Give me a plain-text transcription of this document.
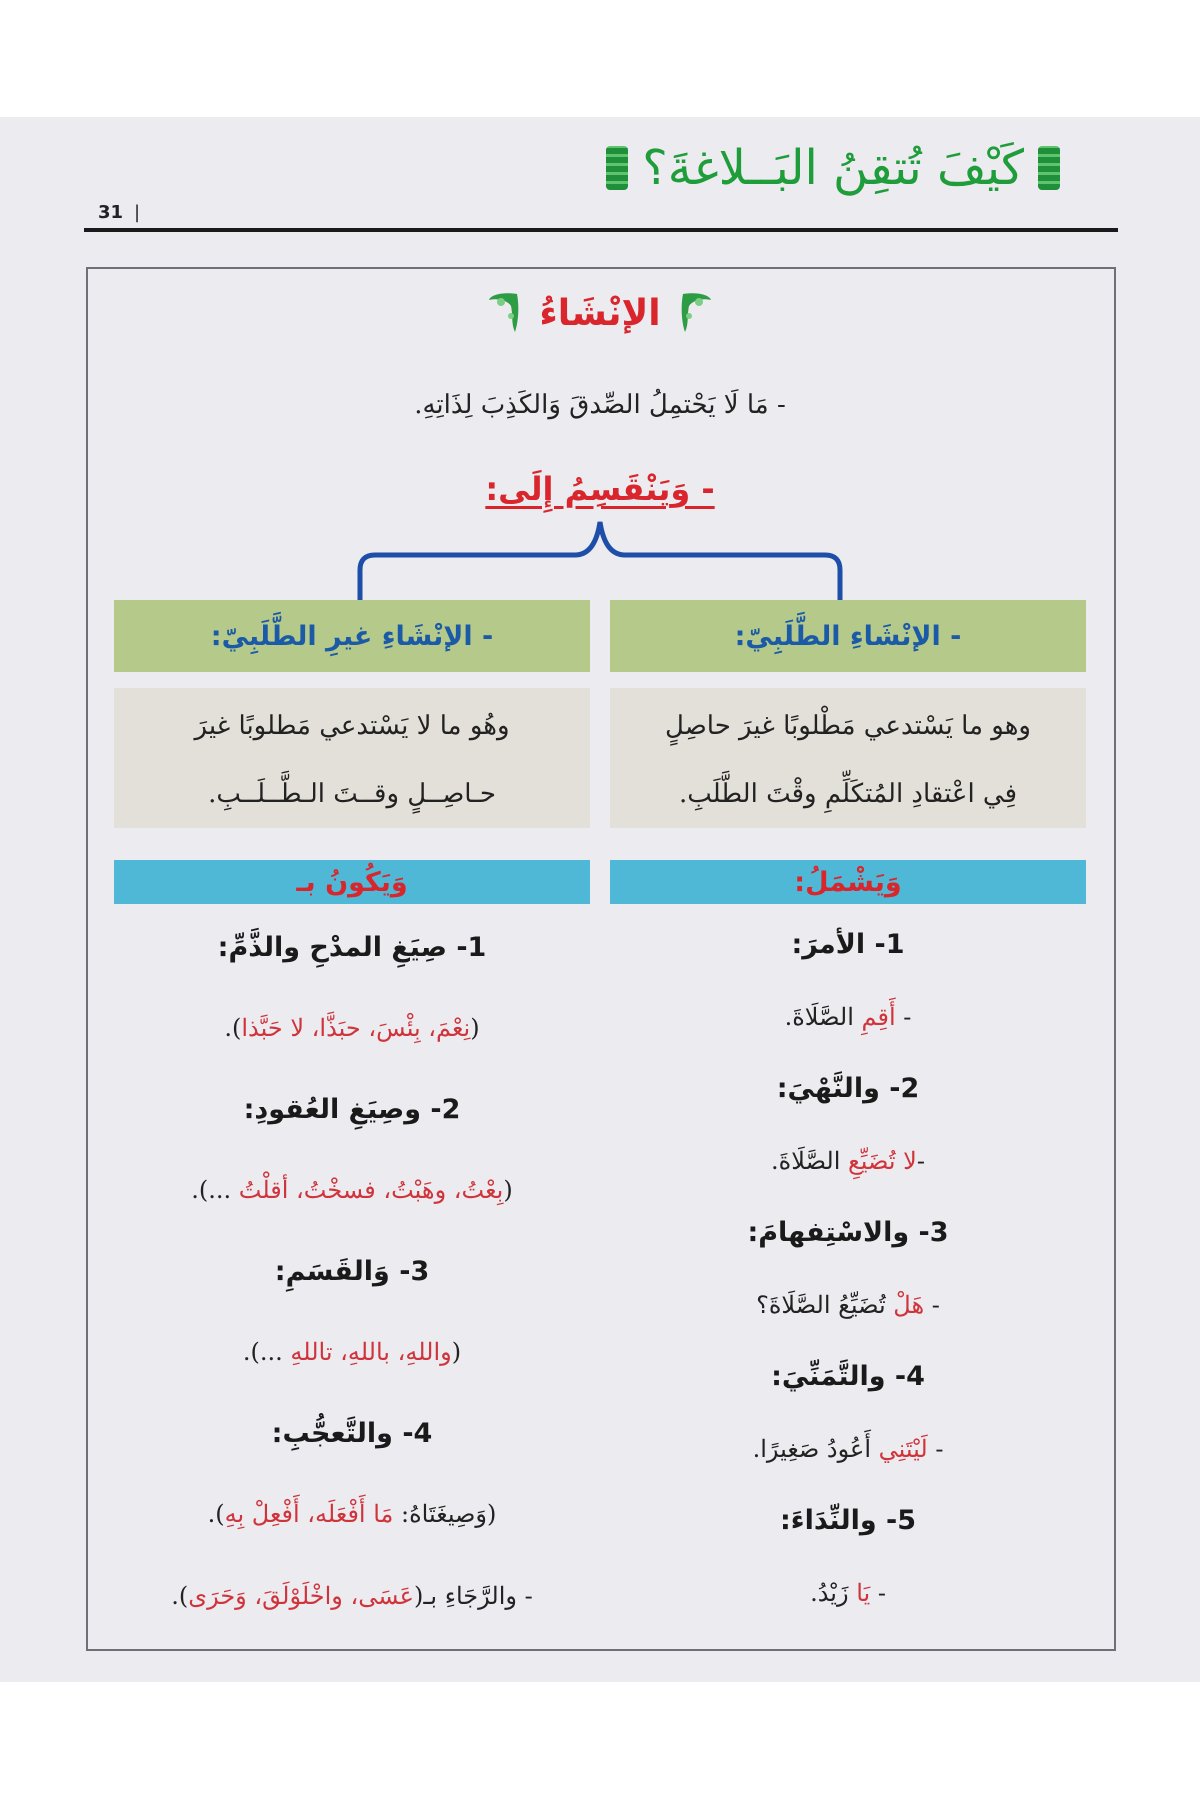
كَيْفَ تُتقِنُ البَــلاغةَ؟
31 |
الإنْشَاءُ
- مَا لَا يَحْتمِلُ الصِّدقَ وَالكَذِبَ لِذَاتِهِ.
- وَيَنْقَسِمُ إِلَى:
- الإنْشَاءِ الطَّلَبِيّ:
وهو ما يَسْتدعي مَطْلوبًا غيرَ حاصِلٍ
فِي اعْتقادِ المُتكَلِّمِ وقْتَ الطَّلَبِ.
وَيَشْمَلُ:
1- الأمرَ:
- أَقِمِ الصَّلَاةَ.
2- والنَّهْيَ:
-لا تُضَيِّعِ الصَّلَاةَ.
3- والاسْتِفهامَ:
- هَلْ تُضَيِّعُ الصَّلَاةَ؟
4- والتَّمَنِّيَ:
- لَيْتَنِي أَعُودُ صَغِيرًا.
5- والنِّدَاءَ:
- يَا زَيْدُ.
- الإنْشَاءِ غيرِ الطَّلَبِيّ:
وهُو ما لا يَسْتدعي مَطلوبًا غيرَ
حـاصِــلٍ وقــتَ الـطَّــلَــبِ.
وَيَكُونُ بـ
1- صِيَغِ المدْحِ والذَّمِّ:
(نِعْمَ، بِئْسَ، حبَذَّا، لا حَبَّذا).
2- وصِيَغِ العُقودِ:
(بِعْتُ، وهَبْتُ، فسخْتُ، أقلْتُ ...).
3- وَالقَسَمِ:
(واللهِ، باللهِ، تاللهِ ...).
4- والتَّعجُّبِ:
(وَصِيغَتَاهُ: مَا أَفْعَلَه، أَفْعِلْ بِهِ).
- والرَّجَاءِ بـ(عَسَى، واخْلَوْلَقَ، وَحَرَى).
